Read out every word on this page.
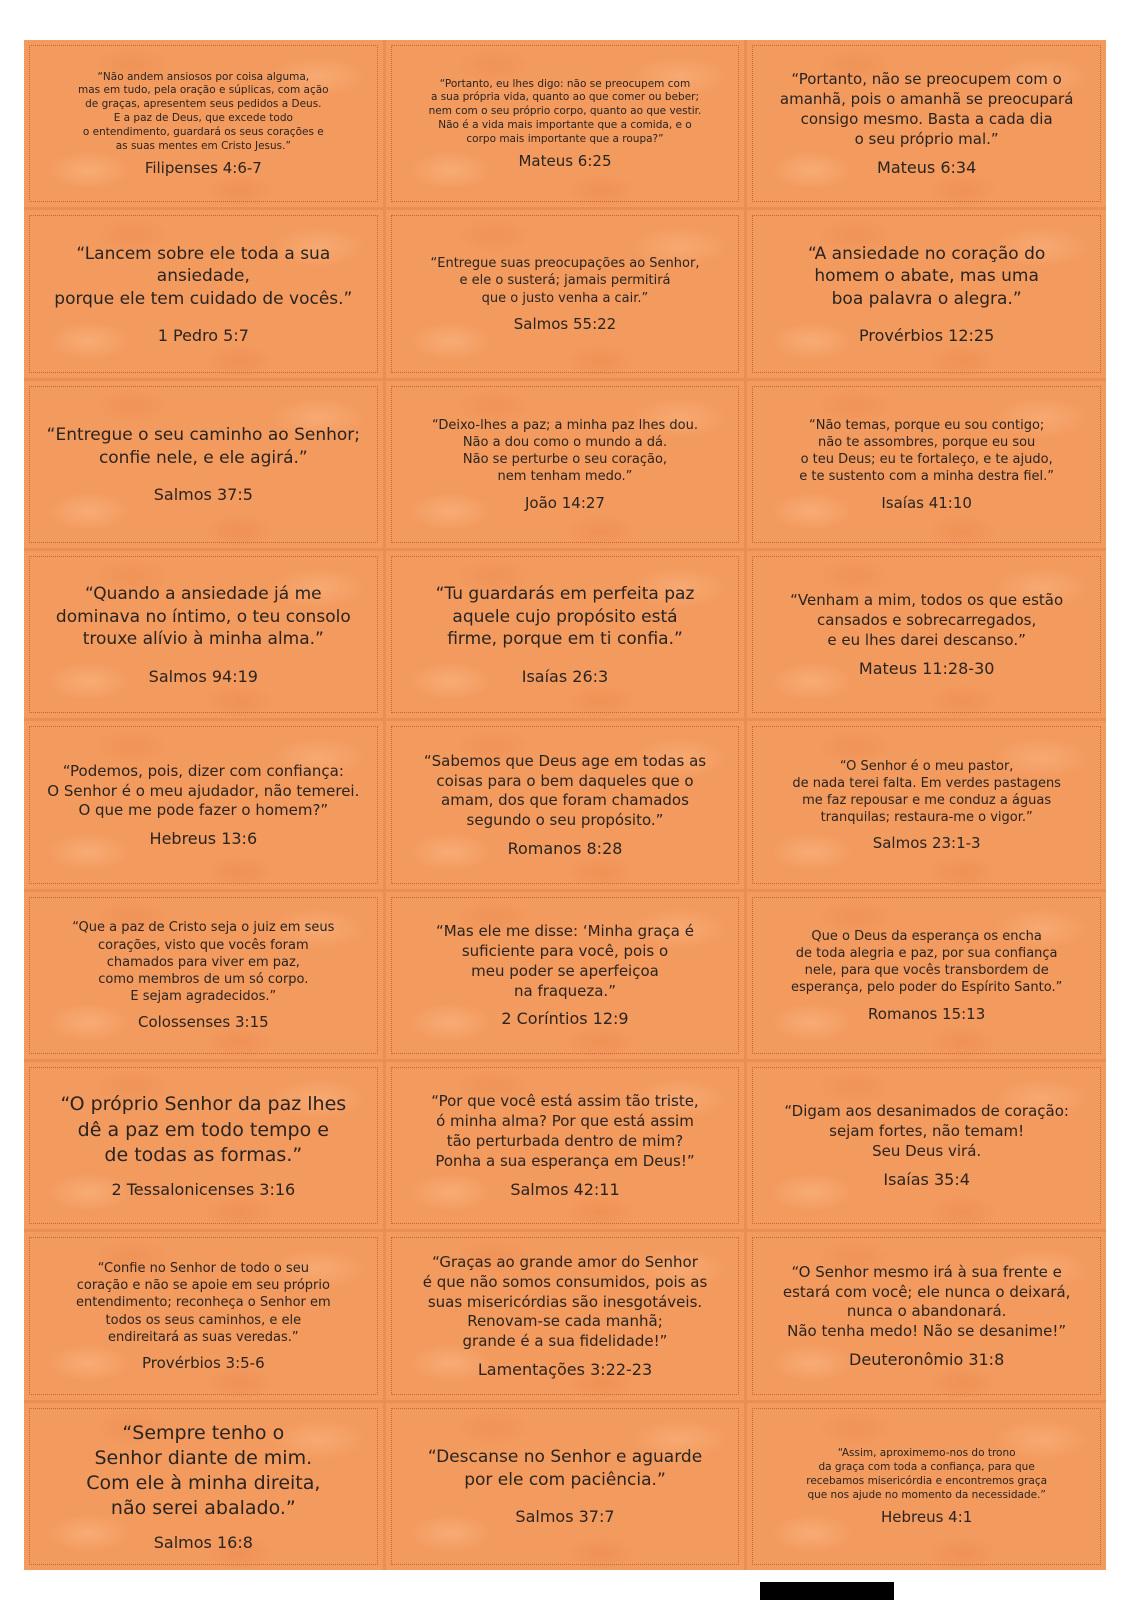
“Não andem ansiosos por coisa alguma,
mas em tudo, pela oração e súplicas, com ação
de graças, apresentem seus pedidos a Deus.
E a paz de Deus, que excede todo
o entendimento, guardará os seus corações e
as suas mentes em Cristo Jesus.”
Filipenses 4:6-7
“Portanto, eu lhes digo: não se preocupem com
a sua própria vida, quanto ao que comer ou beber;
nem com o seu próprio corpo, quanto ao que vestir.
Não é a vida mais importante que a comida, e o
corpo mais importante que a roupa?”
Mateus 6:25
“Portanto, não se preocupem com o
amanhã, pois o amanhã se preocupará
consigo mesmo. Basta a cada dia
o seu próprio mal.”
Mateus 6:34
“Lancem sobre ele toda a sua ansiedade,
porque ele tem cuidado de vocês.”
1 Pedro 5:7
“Entregue suas preocupações ao Senhor,
e ele o susterá; jamais permitirá
que o justo venha a cair.”
Salmos 55:22
“A ansiedade no coração do
homem o abate, mas uma
boa palavra o alegra.”
Provérbios 12:25
“Entregue o seu caminho ao Senhor;
confie nele, e ele agirá.”
Salmos 37:5
“Deixo-lhes a paz; a minha paz lhes dou.
Não a dou como o mundo a dá.
Não se perturbe o seu coração,
nem tenham medo.”
João 14:27
“Não temas, porque eu sou contigo;
não te assombres, porque eu sou
o teu Deus; eu te fortaleço, e te ajudo,
e te sustento com a minha destra fiel.”
Isaías 41:10
“Quando a ansiedade já me
dominava no íntimo, o teu consolo
trouxe alívio à minha alma.”
Salmos 94:19
“Tu guardarás em perfeita paz
aquele cujo propósito está
firme, porque em ti confia.”
Isaías 26:3
“Venham a mim, todos os que estão
cansados e sobrecarregados,
e eu lhes darei descanso.”
Mateus 11:28-30
“Podemos, pois, dizer com confiança:
O Senhor é o meu ajudador, não temerei.
O que me pode fazer o homem?”
Hebreus 13:6
“Sabemos que Deus age em todas as
coisas para o bem daqueles que o
amam, dos que foram chamados
segundo o seu propósito.”
Romanos 8:28
“O Senhor é o meu pastor,
de nada terei falta. Em verdes pastagens
me faz repousar e me conduz a águas
tranquilas; restaura-me o vigor.”
Salmos 23:1-3
“Que a paz de Cristo seja o juiz em seus
corações, visto que vocês foram
chamados para viver em paz,
como membros de um só corpo.
E sejam agradecidos.”
Colossenses 3:15
“Mas ele me disse: ‘Minha graça é
suficiente para você, pois o
meu poder se aperfeiçoa
na fraqueza.”
2 Coríntios 12:9
Que o Deus da esperança os encha
de toda alegria e paz, por sua confiança
nele, para que vocês transbordem de
esperança, pelo poder do Espírito Santo.”
Romanos 15:13
“O próprio Senhor da paz lhes
dê a paz em todo tempo e
de todas as formas.”
2 Tessalonicenses 3:16
“Por que você está assim tão triste,
ó minha alma? Por que está assim
tão perturbada dentro de mim?
Ponha a sua esperança em Deus!”
Salmos 42:11
“Digam aos desanimados de coração:
sejam fortes, não temam!
Seu Deus virá.
Isaías 35:4
“Confie no Senhor de todo o seu
coração e não se apoie em seu próprio
entendimento; reconheça o Senhor em
todos os seus caminhos, e ele
endireitará as suas veredas.”
Provérbios 3:5-6
“Graças ao grande amor do Senhor
é que não somos consumidos, pois as
suas misericórdias são inesgotáveis.
Renovam-se cada manhã;
grande é a sua fidelidade!”
Lamentações 3:22-23
“O Senhor mesmo irá à sua frente e
estará com você; ele nunca o deixará,
nunca o abandonará.
Não tenha medo! Não se desanime!”
Deuteronômio 31:8
“Sempre tenho o
Senhor diante de mim.
Com ele à minha direita,
não serei abalado.”
Salmos 16:8
“Descanse no Senhor e aguarde
por ele com paciência.”
Salmos 37:7
“Assim, aproximemo-nos do trono
da graça com toda a confiança, para que
recebamos misericórdia e encontremos graça
que nos ajude no momento da necessidade.”
Hebreus 4:1
